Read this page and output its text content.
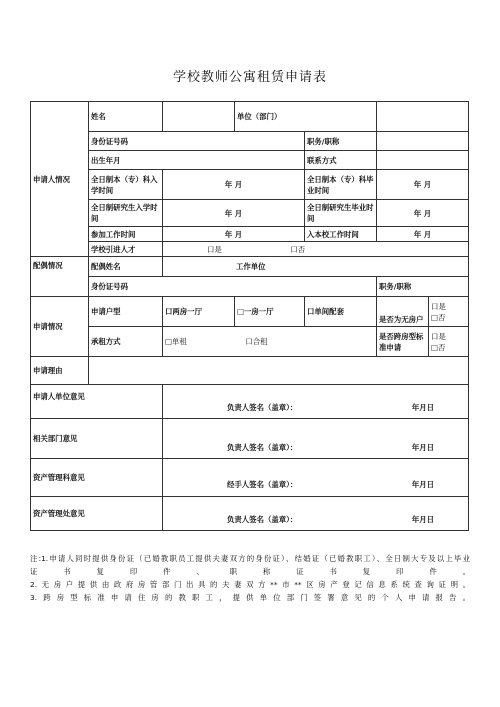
学校教师公寓租赁申请表
申请人情况	姓名		单位（部门）			
	身份证号码			职务/职称		
	出生年月			联系方式		
	全日制本（专）科入学时间	年 月		全日制本（专）科毕业时间	年 月	
	全日制研究生入学时间	年 月		全日制研究生毕业时间	年 月	
	参加工作时间	年 月		入本校工作时间	年 月	
	学校引进人才	口是 口否				

配偶情况	配偶姓名	工作单位				
	身份证号码				职务/职称	
申请情况	申请户型	口两房一厅	□一房一厅	口单间配套	是否为无房户	口是
□否

	承租方式	□单租 口合租			是否跨房型标准申请	口是
□否

申请理由						
申请人单位意见		负责人签名（盖章）： 年月日				

相关部门意见		负责人签名（盖章）： 年月日				

资产管理科意见		经手人签名（盖章）： 年月日				

资产管理处意见		负责人签名（盖章）： 年月日				

注:1.申请人同时提供身份证（已婚教职员工提供夫妻双方的身份证）、结婚证（已婚教职工）、全日制大专及以上毕业

证书复印件、职称证书复印件。

2.无房户提供由政府房管部门出具的夫妻双方**市**区房产登记信息系统查询证明。

3.跨房型标准申请住房的教职工，提供单位部门签署意见的个人申请报告。
